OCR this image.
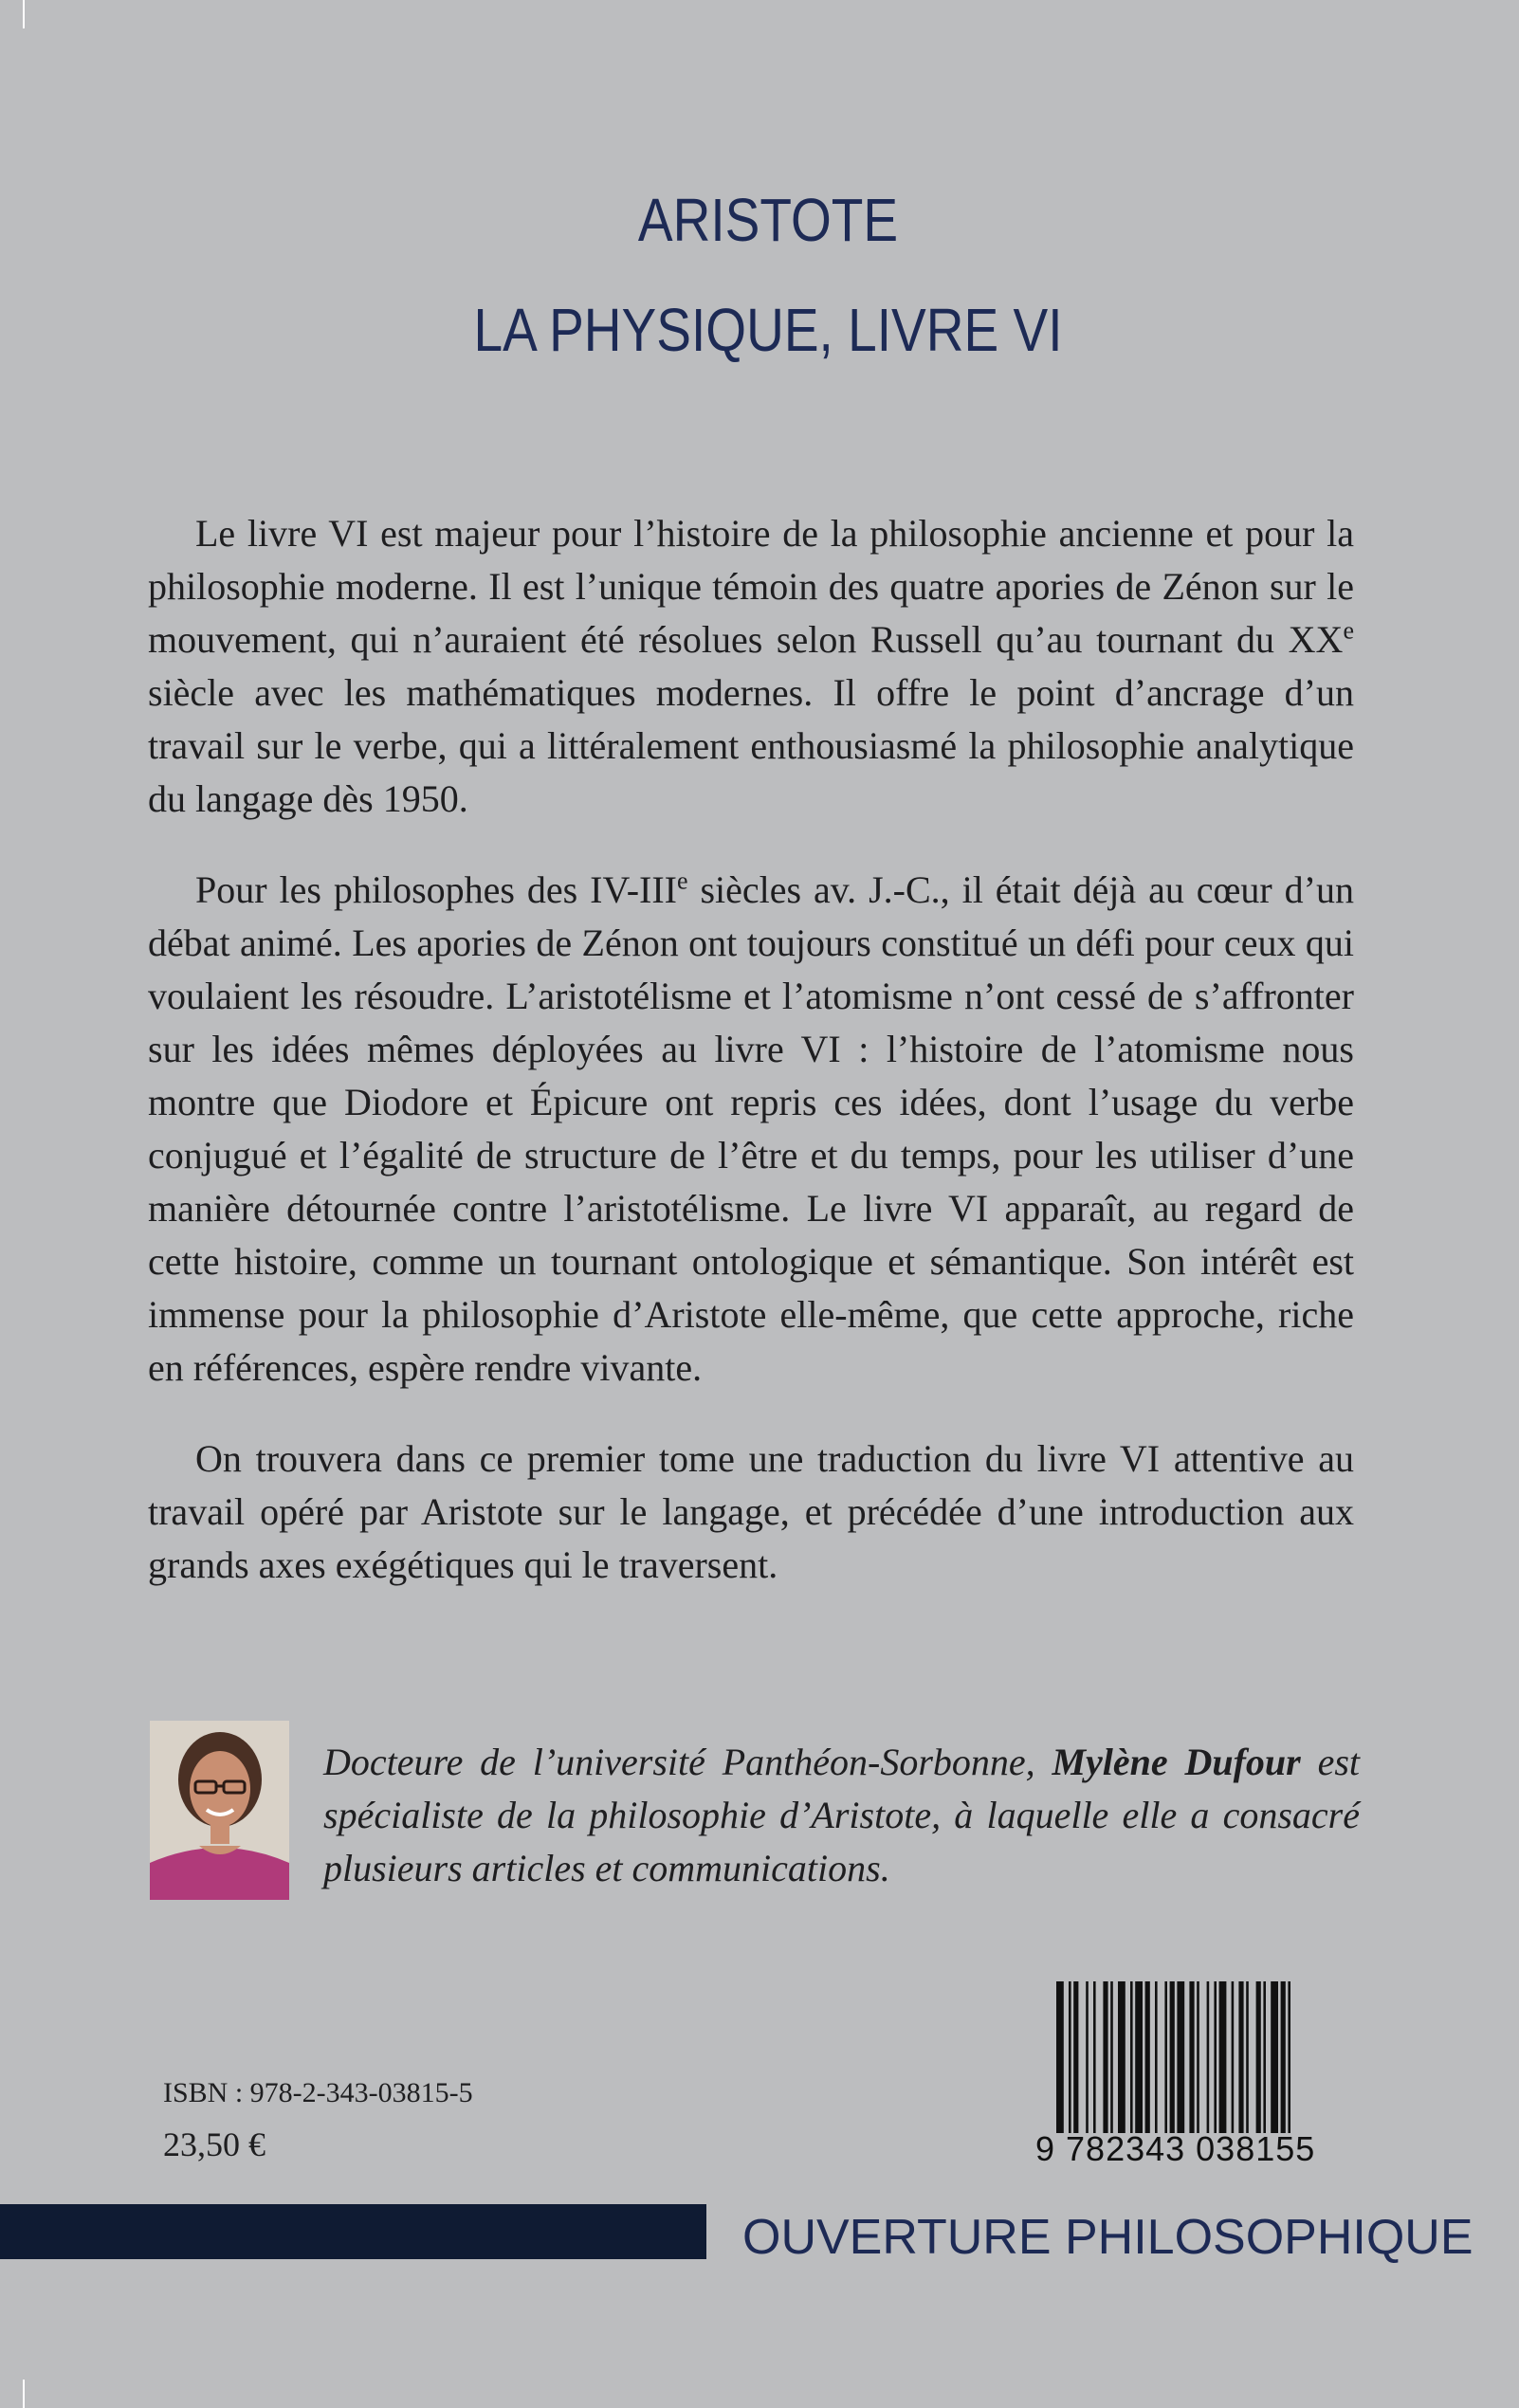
ARISTOTE
LA PHYSIQUE, LIVRE VI

Le livre VI est majeur pour l’histoire de la philosophie ancienne et pour la philosophie moderne. Il est l’unique témoin des quatre apories de Zénon sur le mouvement, qui n’auraient été résolues selon Russell qu’au tournant du XXe siècle avec les mathématiques modernes. Il offre le point d’ancrage d’un travail sur le verbe, qui a littéralement enthousiasmé la philosophie analytique du langage dès 1950.

Pour les philosophes des IV-IIIe siècles av. J.-C., il était déjà au cœur d’un débat animé. Les apories de Zénon ont toujours constitué un défi pour ceux qui voulaient les résoudre. L’aristotélisme et l’atomisme n’ont cessé de s’affronter sur les idées mêmes déployées au livre VI : l’histoire de l’atomisme nous montre que Diodore et Épicure ont repris ces idées, dont l’usage du verbe conjugué et l’égalité de structure de l’être et du temps, pour les utiliser d’une manière détournée contre l’aristotélisme. Le livre VI apparaît, au regard de cette histoire, comme un tournant ontologique et sémantique. Son intérêt est immense pour la philosophie d’Aristote elle-même, que cette approche, riche en références, espère rendre vivante.

On trouvera dans ce premier tome une traduction du livre VI attentive au travail opéré par Aristote sur le langage, et précédée d’une introduction aux grands axes exégétiques qui le traversent.

Docteure de l’université Panthéon-Sorbonne, Mylène Dufour est spécialiste de la philosophie d’Aristote, à laquelle elle a consacré plusieurs articles et communications.
ISBN : 978-2-343-03815-5
23,50 €	9 782343 038155
OUVERTURE PHILOSOPHIQUE
